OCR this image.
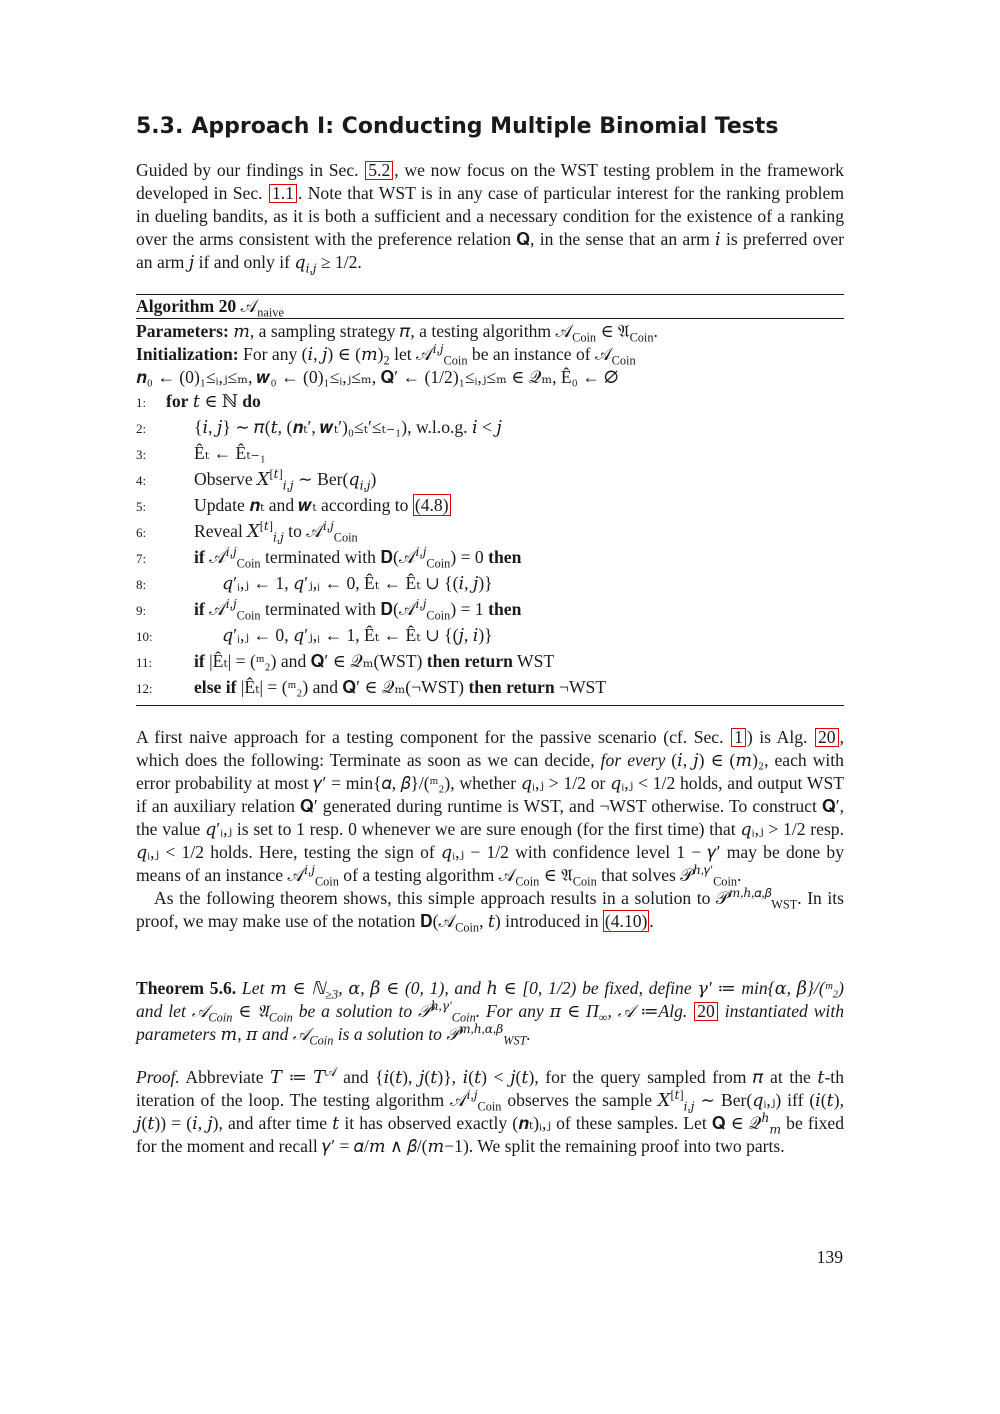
5.3. Approach I: Conducting Multiple Binomial Tests

Guided by our findings in Sec. 5.2 , we now focus on the WST testing problem in the framework developed in Sec. 1.1 . Note that WST is in any case of particular interest for the ranking problem in dueling bandits, as it is both a sufficient and a necessary condition for the existence of a ranking over the arms consistent with the preference relation 𝐐, in the sense that an arm 𝑖 is preferred over an arm 𝑗 if and only if 𝑞$_{𝑖,𝑗}$ ≥ 1/2.

Algorithm 20 𝒜$_{naive}$
Parameters: 𝑚, a sampling strategy 𝜋, a testing algorithm 𝒜$_{Coin}$ ∈ 𝔄$_{Coin}$.
Initialization: For any (𝑖, 𝑗) ∈ $(𝑚)_2$ let 𝒜$^{𝑖,𝑗}_{Coin}$ be an instance of 𝒜$_{Coin}$
𝒏₀ ← (0)₁≤ᵢ,ⱼ≤ₘ, 𝒘₀ ← (0)₁≤ᵢ,ⱼ≤ₘ, 𝐐′ ← (1/2)₁≤ᵢ,ⱼ≤ₘ ∈ 𝒬ₘ, Ê₀ ← ∅
1:	for 𝑡 ∈ ℕ do
2:	{𝑖, 𝑗} ∼ 𝜋(𝑡, (𝒏ₜ′, 𝒘ₜ′)₀≤ₜ′≤ₜ₋₁), w.l.o.g. 𝑖 < 𝑗
3:	Êₜ ← Êₜ₋₁
4:	Observe 𝑋[𝑡]$_{𝑖,𝑗}$ ∼ Ber(𝑞$_{𝑖,𝑗}$)
5:	Update 𝒏ₜ and 𝒘ₜ according to (4.8)
6:	Reveal 𝑋[𝑡]$_{𝑖,𝑗}$ to 𝒜$^{𝑖,𝑗}_{Coin}$
7:	if 𝒜$^{𝑖,𝑗}_{Coin}$ terminated with 𝐃(𝒜$^{𝑖,𝑗}_{Coin}$) = 0 then
8:	𝑞′ᵢ,ⱼ ← 1, 𝑞′ⱼ,ᵢ ← 0, Êₜ ← Êₜ ∪ {(𝑖, 𝑗)}
9:	if 𝒜$^{𝑖,𝑗}_{Coin}$ terminated with 𝐃(𝒜$^{𝑖,𝑗}_{Coin}$) = 1 then
10:	𝑞′ᵢ,ⱼ ← 0, 𝑞′ⱼ,ᵢ ← 1, Êₜ ← Êₜ ∪ {(𝑗, 𝑖)}
11:	if |Êₜ| = (ᵐ₂) and 𝐐′ ∈ 𝒬ₘ(WST) then return WST
12:	else if |Êₜ| = (ᵐ₂) and 𝐐′ ∈ 𝒬ₘ(¬WST) then return ¬WST

A first naive approach for a testing component for the passive scenario (cf. Sec. 1 ) is Alg. 20 , which does the following: Terminate as soon as we can decide, for every (𝑖, 𝑗) ∈ (𝑚)₂, each with error probability at most 𝛾′ = min{𝛼, 𝛽}/(ᵐ₂), whether 𝑞ᵢ,ⱼ > 1/2 or 𝑞ᵢ,ⱼ < 1/2 holds, and output WST if an auxiliary relation 𝐐′ generated during runtime is WST, and ¬WST otherwise. To construct 𝐐′, the value 𝑞′ᵢ,ⱼ is set to 1 resp. 0 whenever we are sure enough (for the first time) that 𝑞ᵢ,ⱼ > 1/2 resp. 𝑞ᵢ,ⱼ < 1/2 holds. Here, testing the sign of 𝑞ᵢ,ⱼ − 1/2 with confidence level 1 − 𝛾′ may be done by means of an instance 𝒜$^{𝑖,𝑗}_{Coin}$ of a testing algorithm 𝒜$_{Coin}$ ∈ 𝔄$_{Coin}$ that solves 𝒫$^{ℎ,𝛾'}_{Coin}$.
As the following theorem shows, this simple approach results in a solution to 𝒫$^{𝑚,ℎ,𝛼,𝛽}_{WST}$. In its proof, we may make use of the notation 𝐃(𝒜$_{Coin}$, 𝑡) introduced in (4.10) .

Theorem 5.6. Let 𝑚 ∈ ℕ$_{\ge 3}$, 𝛼, 𝛽 ∈ (0, 1), and ℎ ∈ [0, 1/2) be fixed, define 𝛾′ ≔ min{𝛼, 𝛽}/(ᵐ₂) and let 𝒜$_{Coin}$ ∈ 𝔄$_{Coin}$ be a solution to 𝒫$^{ℎ,𝛾'}_{Coin}$. For any 𝜋 ∈ $\Pi_\infty$, 𝒜 ≔Alg. 20 instantiated with parameters 𝑚, 𝜋 and 𝒜$_{Coin}$ is a solution to 𝒫$^{𝑚,ℎ,𝛼,𝛽}_{WST}$.

Proof. Abbreviate 𝑇 ≔ 𝑇$^𝒜$ and {𝑖(𝑡), 𝑗(𝑡)}, 𝑖(𝑡) < 𝑗(𝑡), for the query sampled from 𝜋 at the 𝑡-th iteration of the loop. The testing algorithm 𝒜$^{𝑖,𝑗}_{Coin}$ observes the sample 𝑋[𝑡]$_{𝑖,𝑗}$ ∼ Ber(𝑞ᵢ,ⱼ) iff (𝑖(𝑡), 𝑗(𝑡)) = (𝑖, 𝑗), and after time 𝑡 it has observed exactly (𝒏ₜ)ᵢ,ⱼ of these samples. Let 𝐐 ∈ 𝒬$^ℎ_𝑚$ be fixed for the moment and recall 𝛾′ = 𝛼/𝑚 ∧ 𝛽/(𝑚−1). We split the remaining proof into two parts.

139
